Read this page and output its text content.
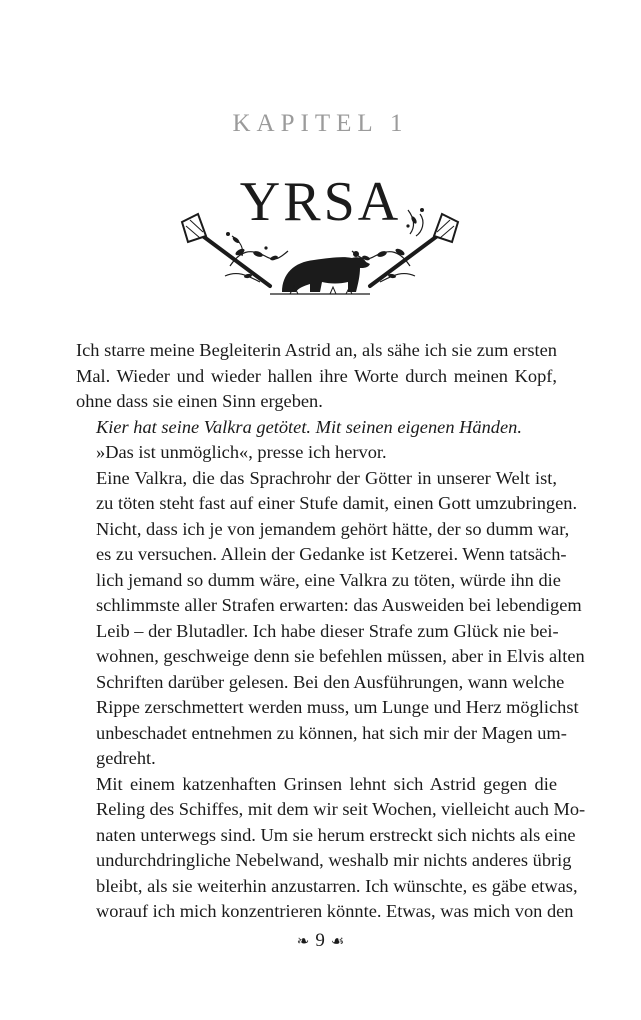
KAPITEL 1
YRSA

Ich starre meine Begleiterin Astrid an, als sähe ich sie zum ersten
Mal. Wieder und wieder hallen ihre Worte durch meinen Kopf,
ohne dass sie einen Sinn ergeben.

Kier hat seine Valkra getötet. Mit seinen eigenen Händen.

»Das ist unmöglich«, presse ich hervor.

Eine Valkra, die das Sprachrohr der Götter in unserer Welt ist,
zu töten steht fast auf einer Stufe damit, einen Gott umzubringen.
Nicht, dass ich je von jemandem gehört hätte, der so dumm war,
es zu versuchen. Allein der Gedanke ist Ketzerei. Wenn tatsäch-
lich jemand so dumm wäre, eine Valkra zu töten, würde ihn die
schlimmste aller Strafen erwarten: das Ausweiden bei lebendigem
Leib – der Blutadler. Ich habe dieser Strafe zum Glück nie bei-
wohnen, geschweige denn sie befehlen müssen, aber in Elvis alten
Schriften darüber gelesen. Bei den Ausführungen, wann welche
Rippe zerschmettert werden muss, um Lunge und Herz möglichst
unbeschadet entnehmen zu können, hat sich mir der Magen um-
gedreht.

Mit einem katzenhaften Grinsen lehnt sich Astrid gegen die
Reling des Schiffes, mit dem wir seit Wochen, vielleicht auch Mo-
naten unterwegs sind. Um sie herum erstreckt sich nichts als eine
undurchdringliche Nebelwand, weshalb mir nichts anderes übrig
bleibt, als sie weiterhin anzustarren. Ich wünschte, es gäbe etwas,
worauf ich mich konzentrieren könnte. Etwas, was mich von den

❧ 9 ☙
